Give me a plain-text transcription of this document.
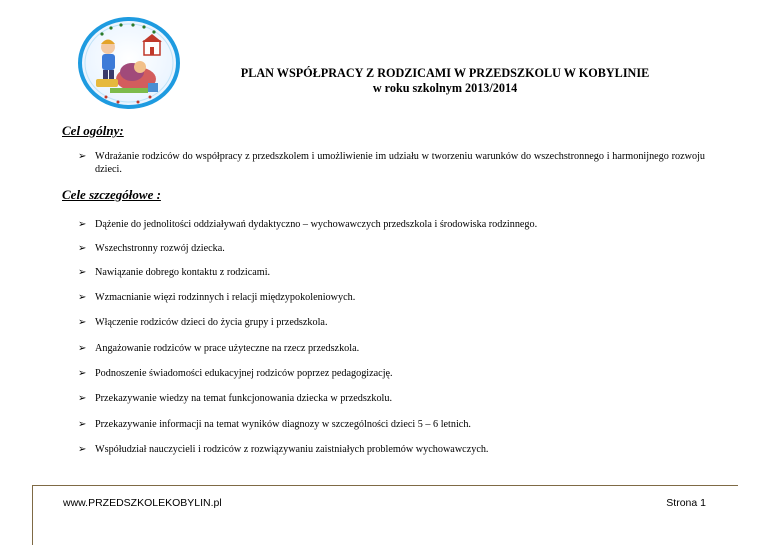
PLAN WSPÓŁPRACY Z RODZICAMI W PRZEDSZKOLU W KOBYLINIE
w roku szkolnym 2013/2014
Cel ogólny:
➢ Wdrażanie rodziców do współpracy z przedszkolem i umożliwienie im udziału w tworzeniu warunków do wszechstronnego i harmonijnego rozwoju dzieci.
Cele szczegółowe :
➢ Dążenie do jednolitości oddziaływań dydaktyczno – wychowawczych przedszkola i środowiska rodzinnego.
➢ Wszechstronny rozwój dziecka.
➢ Nawiązanie dobrego kontaktu z rodzicami.
➢ Wzmacnianie więzi rodzinnych i relacji międzypokoleniowych.
➢ Włączenie rodziców dzieci do życia grupy i przedszkola.
➢ Angażowanie rodziców w prace użyteczne na rzecz przedszkola.
➢ Podnoszenie świadomości edukacyjnej rodziców poprzez pedagogizację.
➢ Przekazywanie wiedzy na temat funkcjonowania dziecka w przedszkolu.
➢ Przekazywanie informacji na temat wyników diagnozy w szczególności dzieci 5 – 6 letnich.
➢ Współudział nauczycieli i rodziców z rozwiązywaniu zaistniałych problemów wychowawczych.
www.PRZEDSZKOLEKOBYLIN.pl	Strona 1
